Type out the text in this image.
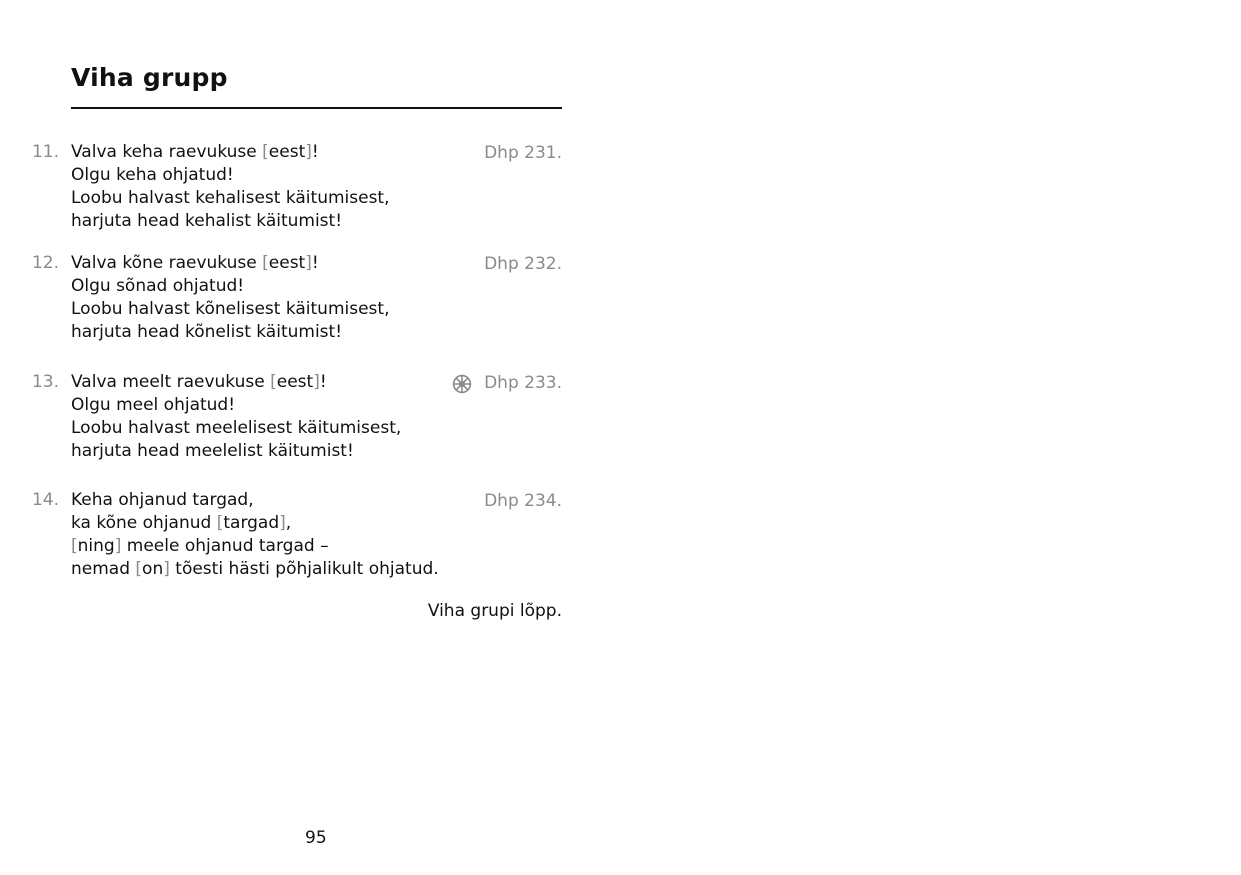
Viha grupp
11. Valva keha raevukuse [eest]!
Olgu keha ohjatud!
Loobu halvast kehalisest käitumisest,
harjuta head kehalist käitumist!
Dhp 231.
12. Valva kõne raevukuse [eest]!
Olgu sõnad ohjatud!
Loobu halvast kõnelisest käitumisest,
harjuta head kõnelist käitumist!
Dhp 232.
13. Valva meelt raevukuse [eest]!
Olgu meel ohjatud!
Loobu halvast meelelisest käitumisest,
harjuta head meelelist käitumist!
Dhp 233.
14. Keha ohjanud targad,
ka kõne ohjanud [targad],
[ning] meele ohjanud targad –
nemad [on] tõesti hästi põhjalikult ohjatud.
Dhp 234.
Viha grupi lõpp.
95
